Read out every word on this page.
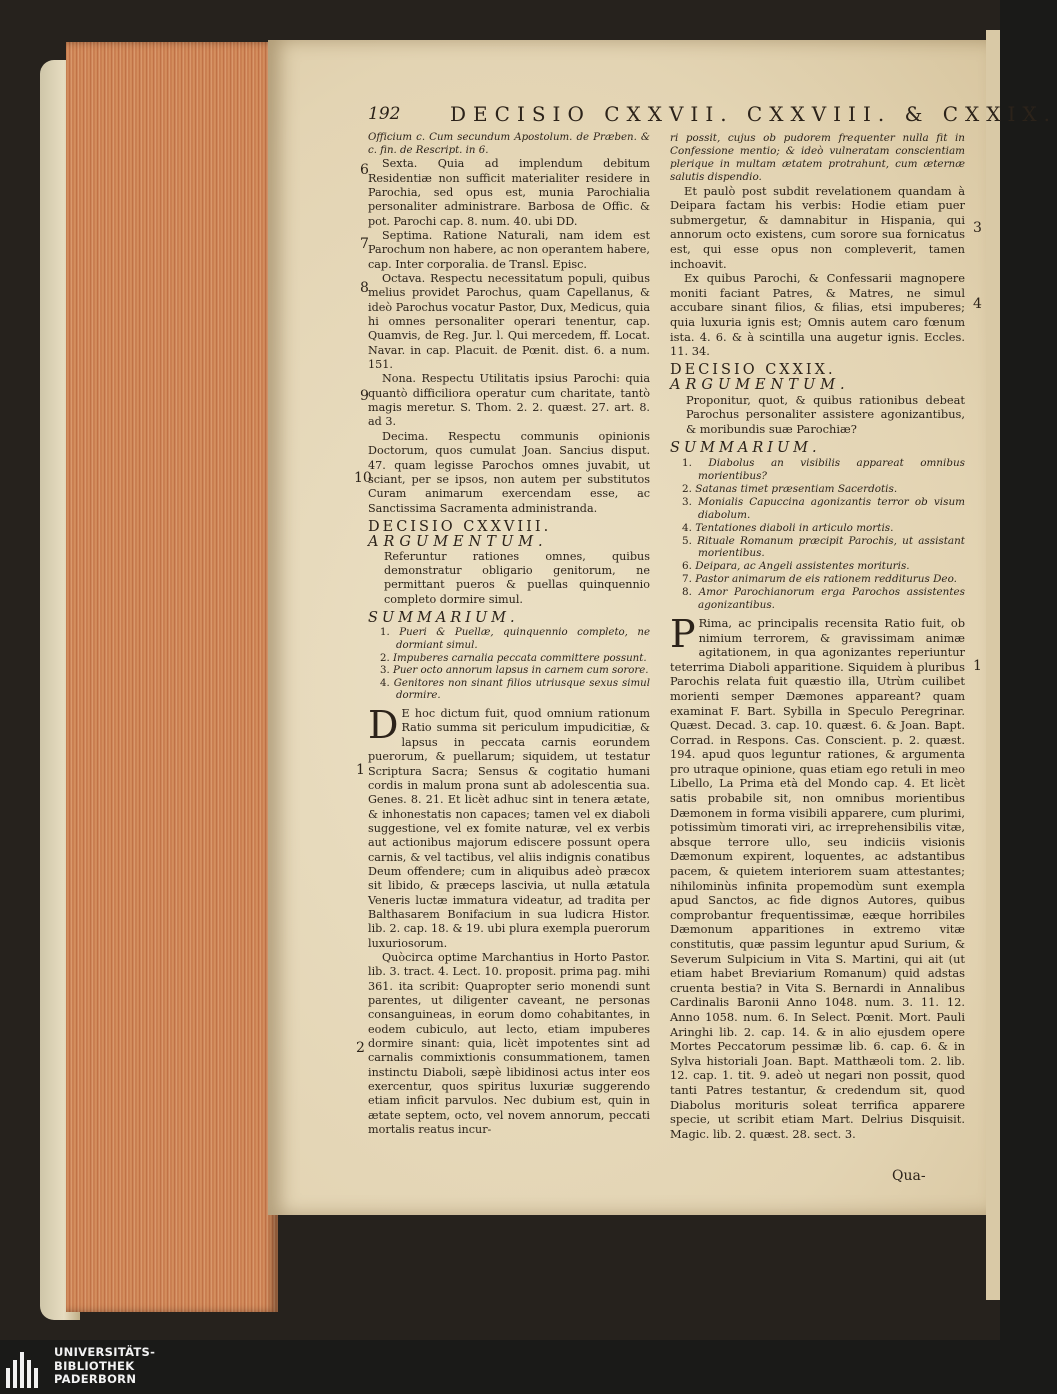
192 DECISIO CXXVII. CXXVIII. & CXXIX.
6
7
8
9
10
1
2
3
4
1

Officium c. Cum secundum Apostolum. de Præben. & c. fin. de Rescript. in 6.

Sexta. Quia ad implendum debitum Residentiæ non sufficit materialiter residere in Parochia, sed opus est, munia Parochialia personaliter administrare. Barbosa de Offic. & pot. Parochi cap. 8. num. 40. ubi DD.

Septima. Ratione Naturali, nam idem est Parochum non habere, ac non operantem habere, cap. Inter corporalia. de Transl. Episc.

Octava. Respectu necessitatum populi, quibus melius providet Parochus, quam Capellanus, & ideò Parochus vocatur Pastor, Dux, Medicus, quia hi omnes personaliter operari tenentur, cap. Quamvis, de Reg. Jur. l. Qui mercedem, ff. Locat. Navar. in cap. Placuit. de Pœnit. dist. 6. a num. 151.

Nona. Respectu Utilitatis ipsius Parochi: quia quantò difficiliora operatur cum charitate, tantò magis meretur. S. Thom. 2. 2. quæst. 27. art. 8. ad 3.

Decima. Respectu communis opinionis Doctorum, quos cumulat Joan. Sancius disput. 47. quam legisse Parochos omnes juvabit, ut sciant, per se ipsos, non autem per substitutos Curam animarum exercendam esse, ac Sanctissima Sacramenta administranda.

DECISIO CXXVIII.

ARGUMENTUM.

Referuntur rationes omnes, quibus demonstratur obligario genitorum, ne permittant pueros & puellas quinquennio completo dormire simul.

SUMMARIUM.

1. Pueri & Puellæ, quinquennio completo, ne dormiant simul.

2. Impuberes carnalia peccata committere possunt.

3. Puer octo annorum lapsus in carnem cum sorore.

4. Genitores non sinant filios utriusque sexus simul dormire.

D E hoc dictum fuit, quod omnium rationum Ratio summa sit periculum impudicitiæ, & lapsus in peccata carnis eorundem puerorum, & puellarum; siquidem, ut testatur Scriptura Sacra; Sensus & cogitatio humani cordis in malum prona sunt ab adolescentia sua. Genes. 8. 21. Et licèt adhuc sint in tenera ætate, & inhonestatis non capaces; tamen vel ex diaboli suggestione, vel ex fomite naturæ, vel ex verbis aut actionibus majorum ediscere possunt opera carnis, & vel tactibus, vel aliis indignis conatibus Deum offendere; cum in aliquibus adeò præcox sit libido, & præceps lascivia, ut nulla ætatula Veneris luctæ immatura videatur, ad tradita per Balthasarem Bonifacium in sua ludicra Histor. lib. 2. cap. 18. & 19. ubi plura exempla puerorum luxuriosorum.

Quòcirca optime Marchantius in Horto Pastor. lib. 3. tract. 4. Lect. 10. proposit. prima pag. mihi 361. ita scribit: Quapropter serio monendi sunt parentes, ut diligenter caveant, ne personas consanguineas, in eorum domo cohabitantes, in eodem cubiculo, aut lecto, etiam impuberes dormire sinant: quia, licèt impotentes sint ad carnalis commixtionis consummationem, tamen instinctu Diaboli, sæpè libidinosi actus inter eos exercentur, quos spiritus luxuriæ suggerendo etiam inficit parvulos. Nec dubium est, quin in ætate septem, octo, vel novem annorum, peccati mortalis reatus incur-

ri possit, cujus ob pudorem frequenter nulla fit in Confessione mentio; & ideò vulneratam conscientiam plerique in multam ætatem protrahunt, cum æternæ salutis dispendio.

Et paulò post subdit revelationem quandam à Deipara factam his verbis: Hodie etiam puer submergetur, & damnabitur in Hispania, qui annorum octo existens, cum sorore sua fornicatus est, qui esse opus non compleverit, tamen inchoavit.

Ex quibus Parochi, & Confessarii magnopere moniti faciant Patres, & Matres, ne simul accubare sinant filios, & filias, etsi impuberes; quia luxuria ignis est; Omnis autem caro fœnum ista. 4. 6. & à scintilla una augetur ignis. Eccles. 11. 34.

DECISIO CXXIX.

ARGUMENTUM.

Proponitur, quot, & quibus rationibus debeat Parochus personaliter assistere agonizantibus, & moribundis suæ Parochiæ?

SUMMARIUM.

1. Diabolus an visibilis appareat omnibus morientibus?

2. Satanas timet præsentiam Sacerdotis.

3. Monialis Capuccina agonizantis terror ob visum diabolum.

4. Tentationes diaboli in articulo mortis.

5. Rituale Romanum præcipit Parochis, ut assistant morientibus.

6. Deipara, ac Angeli assistentes morituris.

7. Pastor animarum de eis rationem redditurus Deo.

8. Amor Parochianorum erga Parochos assistentes agonizantibus.

P Rima, ac principalis recensita Ratio fuit, ob nimium terrorem, & gravissimam animæ agitationem, in qua agonizantes reperiuntur teterrima Diaboli apparitione. Siquidem à pluribus Parochis relata fuit quæstio illa, Utrùm cuilibet morienti semper Dæmones appareant? quam examinat F. Bart. Sybilla in Speculo Peregrinar. Quæst. Decad. 3. cap. 10. quæst. 6. & Joan. Bapt. Corrad. in Respons. Cas. Conscient. p. 2. quæst. 194. apud quos leguntur rationes, & argumenta pro utraque opinione, quas etiam ego retuli in meo Libello, La Prima età del Mondo cap. 4. Et licèt satis probabile sit, non omnibus morientibus Dæmonem in forma visibili apparere, cum plurimi, potissimùm timorati viri, ac irreprehensibilis vitæ, absque terrore ullo, seu indiciis visionis Dæmonum expirent, loquentes, ac adstantibus pacem, & quietem interiorem suam attestantes; nihilominùs infinita propemodùm sunt exempla apud Sanctos, ac fide dignos Autores, quibus comprobantur frequentissimæ, eæque horribiles Dæmonum apparitiones in extremo vitæ constitutis, quæ passim leguntur apud Surium, & Severum Sulpicium in Vita S. Martini, qui ait (ut etiam habet Breviarium Romanum) quid adstas cruenta bestia? in Vita S. Bernardi in Annalibus Cardinalis Baronii Anno 1048. num. 3. 11. 12. Anno 1058. num. 6. In Select. Pœnit. Mort. Pauli Aringhi lib. 2. cap. 14. & in alio ejusdem opere Mortes Peccatorum pessimæ lib. 6. cap. 6. & in Sylva historiali Joan. Bapt. Matthæoli tom. 2. lib. 12. cap. 1. tit. 9. adeò ut negari non possit, quod tanti Patres testantur, & credendum sit, quod Diabolus morituris soleat terrifica apparere specie, ut scribit etiam Mart. Delrius Disquisit. Magic. lib. 2. quæst. 28. sect. 3.

Qua-
UNIVERSITÄTS-
BIBLIOTHEK
PADERBORN
